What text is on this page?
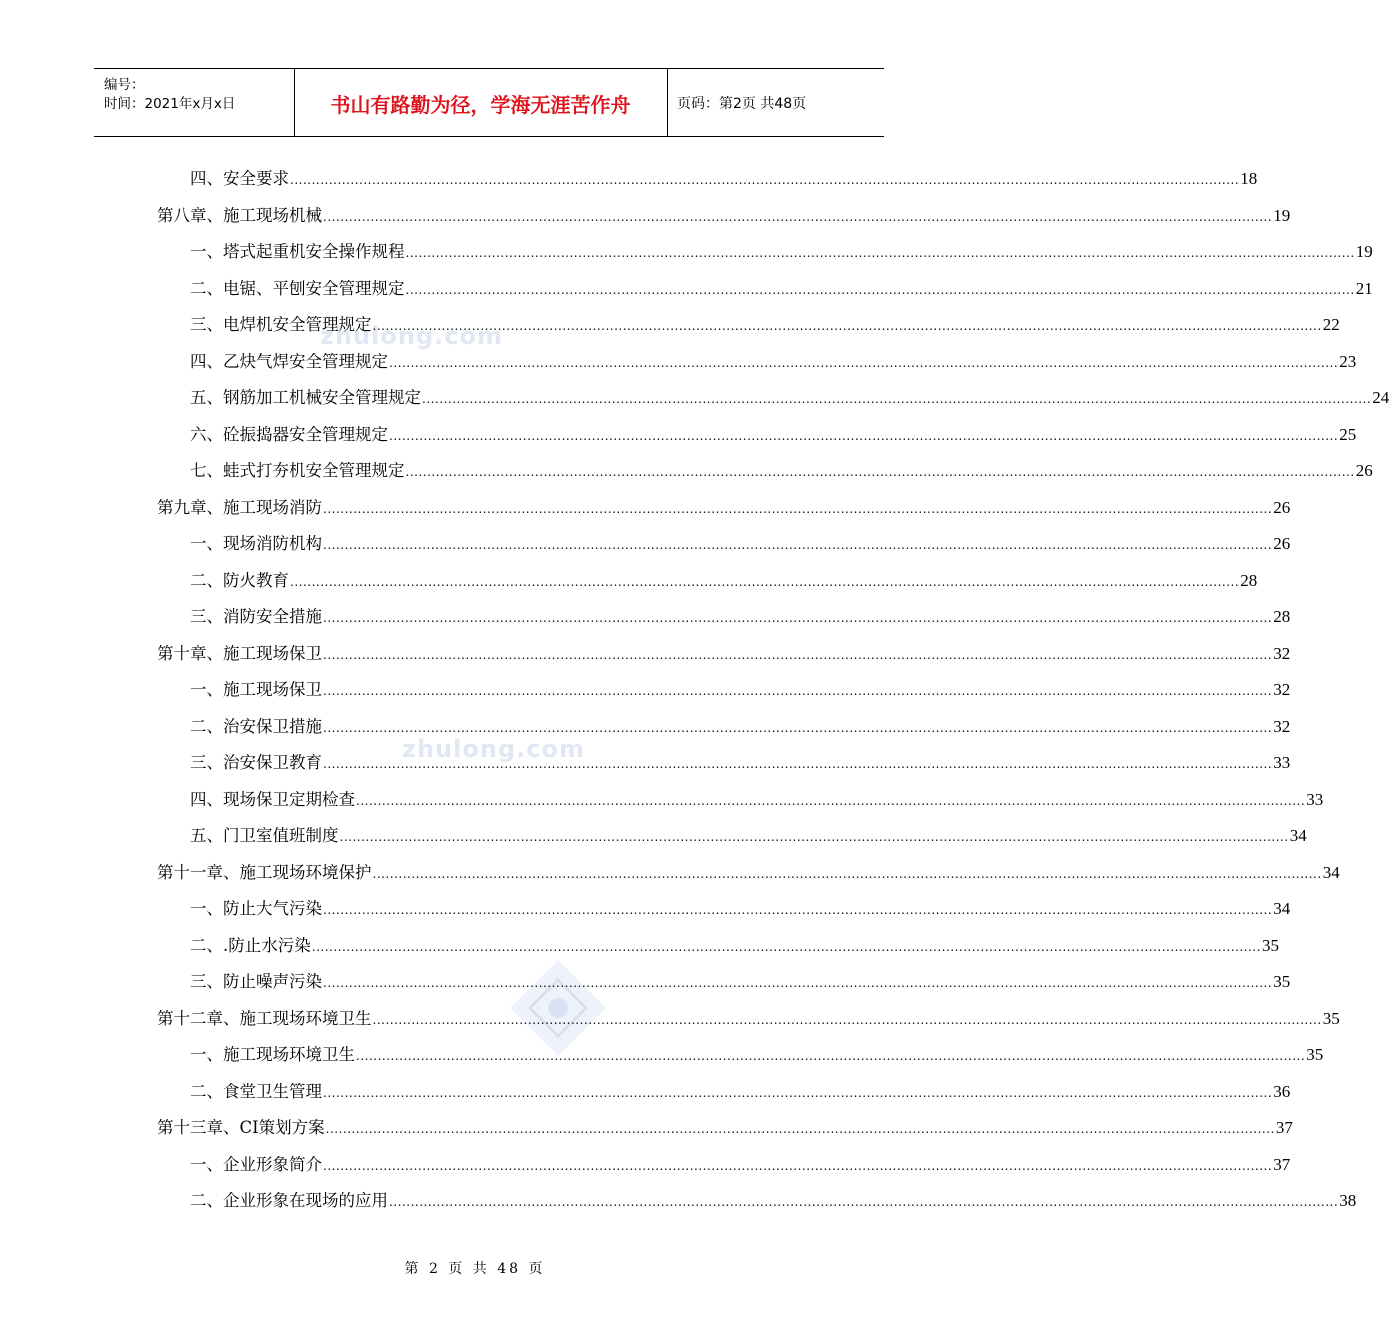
编号：
时间：2021年x月x日	书山有路勤为径，学海无涯苦作舟	页码：第2页 共48页
zhulong.com
zhulong.com
四、安全要求 ............................................................................................................................................................................................................................ 18
第八章、施工现场机械 ............................................................................................................................................................................................................................ 19
一、塔式起重机安全操作规程 ............................................................................................................................................................................................................................ 19
二、电锯、平刨安全管理规定 ............................................................................................................................................................................................................................ 21
三、电焊机安全管理规定 ............................................................................................................................................................................................................................ 22
四、乙炔气焊安全管理规定 ............................................................................................................................................................................................................................ 23
五、钢筋加工机械安全管理规定 ............................................................................................................................................................................................................................ 24
六、砼振捣器安全管理规定 ............................................................................................................................................................................................................................ 25
七、蛙式打夯机安全管理规定 ............................................................................................................................................................................................................................ 26
第九章、施工现场消防 ............................................................................................................................................................................................................................ 26
一、现场消防机构 ............................................................................................................................................................................................................................ 26
二、防火教育 ............................................................................................................................................................................................................................ 28
三、消防安全措施 ............................................................................................................................................................................................................................ 28
第十章、施工现场保卫 ............................................................................................................................................................................................................................ 32
一、施工现场保卫 ............................................................................................................................................................................................................................ 32
二、治安保卫措施 ............................................................................................................................................................................................................................ 32
三、治安保卫教育 ............................................................................................................................................................................................................................ 33
四、现场保卫定期检查 ............................................................................................................................................................................................................................ 33
五、门卫室值班制度 ............................................................................................................................................................................................................................ 34
第十一章、施工现场环境保护 ............................................................................................................................................................................................................................ 34
一、防止大气污染 ............................................................................................................................................................................................................................ 34
二、.防止水污染 ............................................................................................................................................................................................................................ 35
三、防止噪声污染 ............................................................................................................................................................................................................................ 35
第十二章、施工现场环境卫生 ............................................................................................................................................................................................................................ 35
一、施工现场环境卫生 ............................................................................................................................................................................................................................ 35
二、食堂卫生管理 ............................................................................................................................................................................................................................ 36
第十三章、CI策划方案 ............................................................................................................................................................................................................................ 37
一、企业形象简介 ............................................................................................................................................................................................................................ 37
二、企业形象在现场的应用 ............................................................................................................................................................................................................................ 38
第 2 页 共 48 页
